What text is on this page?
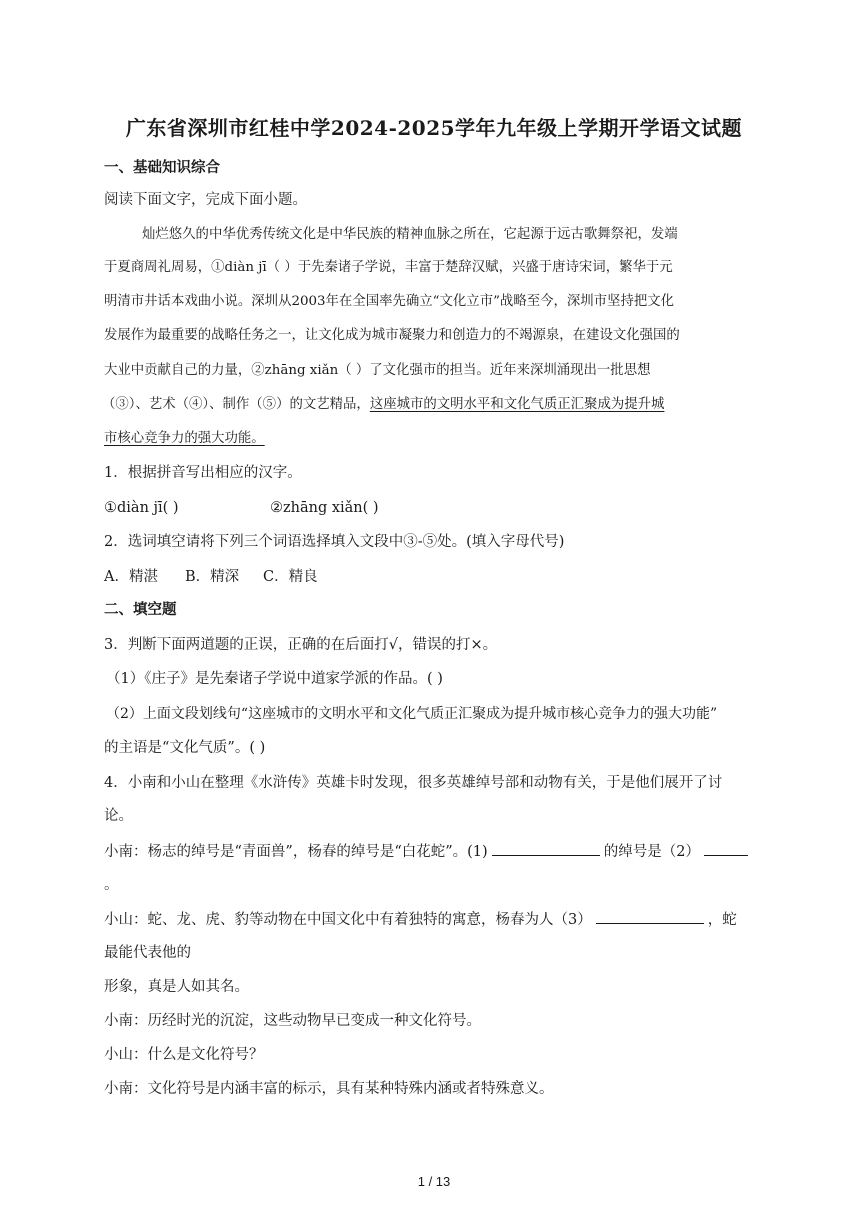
广东省深圳市红桂中学2024-2025学年九年级上学期开学语文试题
一、基础知识综合
阅读下面文字，完成下面小题。
灿烂悠久的中华优秀传统文化是中华民族的精神血脉之所在，它起源于远古歌舞祭祀，发端
于夏商周礼周易，①diàn jī（ ）于先秦诸子学说，丰富于楚辞汉赋，兴盛于唐诗宋词，繁华于元
明清市井话本戏曲小说。深圳从2003年在全国率先确立“文化立市”战略至今，深圳市坚持把文化
发展作为最重要的战略任务之一，让文化成为城市凝聚力和创造力的不竭源泉，在建设文化强国的
大业中贡献自己的力量，②zhāng xiǎn（ ）了文化强市的担当。近年来深圳涌现出一批思想
（③）、艺术（④）、制作（⑤）的文艺精品，这座城市的文明水平和文化气质正汇聚成为提升城
市核心竞争力的强大功能。
1．根据拼音写出相应的汉字。
①diàn jī( )	②zhāng xiǎn( )
2．选词填空请将下列三个词语选择填入文段中③-⑤处。(填入字母代号)
A．精湛 B．精深 C．精良
二、填空题
3．判断下面两道题的正误，正确的在后面打√，错误的打×。
（1）《庄子》是先秦诸子学说中道家学派的作品。( )
（2）上面文段划线句“这座城市的文明水平和文化气质正汇聚成为提升城市核心竞争力的强大功能”
的主语是“文化气质”。( )
4．小南和小山在整理《水浒传》英雄卡时发现，很多英雄绰号部和动物有关，于是他们展开了讨
论。
小南：杨志的绰号是“青面兽”，杨春的绰号是“白花蛇”。(1)	的绰号是（2）
。
小山：蛇、龙、虎、豹等动物在中国文化中有着独特的寓意，杨春为人（3）	，蛇
最能代表他的
形象，真是人如其名。
小南：历经时光的沉淀，这些动物早已变成一种文化符号。
小山：什么是文化符号？
小南：文化符号是内涵丰富的标示，具有某种特殊内涵或者特殊意义。
1 / 13
